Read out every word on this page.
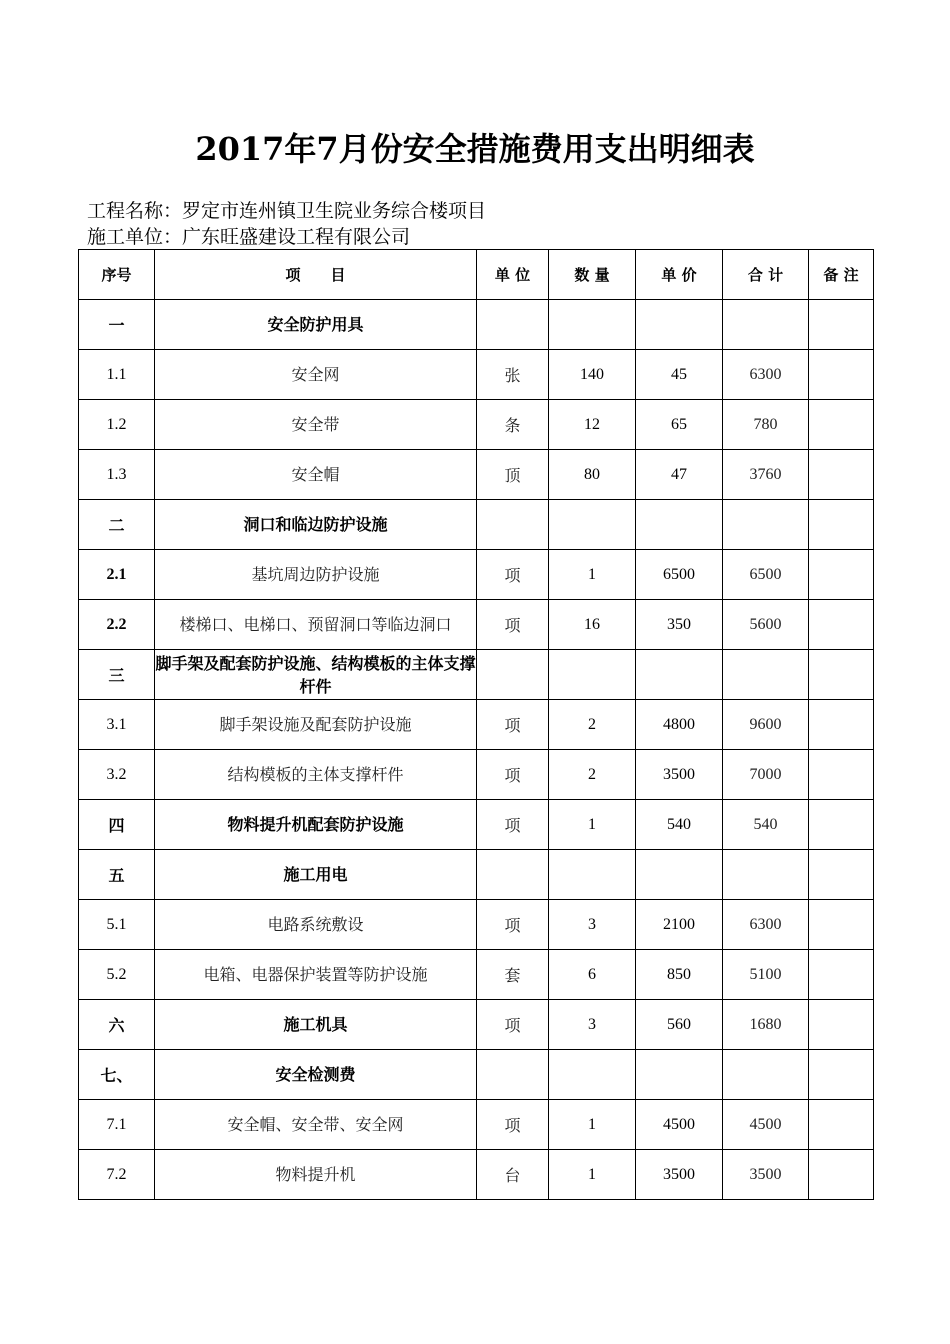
2017年7月份安全措施费用支出明细表
工程名称：罗定市连州镇卫生院业务综合楼项目
施工单位：广东旺盛建设工程有限公司
序号	项　　目	单 位	数 量	单 价	合 计	备 注
一	安全防护用具					
1.1	安全网	张	140	45	6300	
1.2	安全带	条	12	65	780	
1.3	安全帽	顶	80	47	3760	
二	洞口和临边防护设施					
2.1	基坑周边防护设施	项	1	6500	6500	
2.2	楼梯口、电梯口、预留洞口等临边洞口	项	16	350	5600	
三	脚手架及配套防护设施、结构模板的主体支撑杆件					
3.1	脚手架设施及配套防护设施	项	2	4800	9600	
3.2	结构模板的主体支撑杆件	项	2	3500	7000	
四	物料提升机配套防护设施	项	1	540	540	
五	施工用电					
5.1	电路系统敷设	项	3	2100	6300	
5.2	电箱、电器保护装置等防护设施	套	6	850	5100	
六	施工机具	项	3	560	1680	
七、	安全检测费					
7.1	安全帽、安全带、安全网	项	1	4500	4500	
7.2	物料提升机	台	1	3500	3500	
